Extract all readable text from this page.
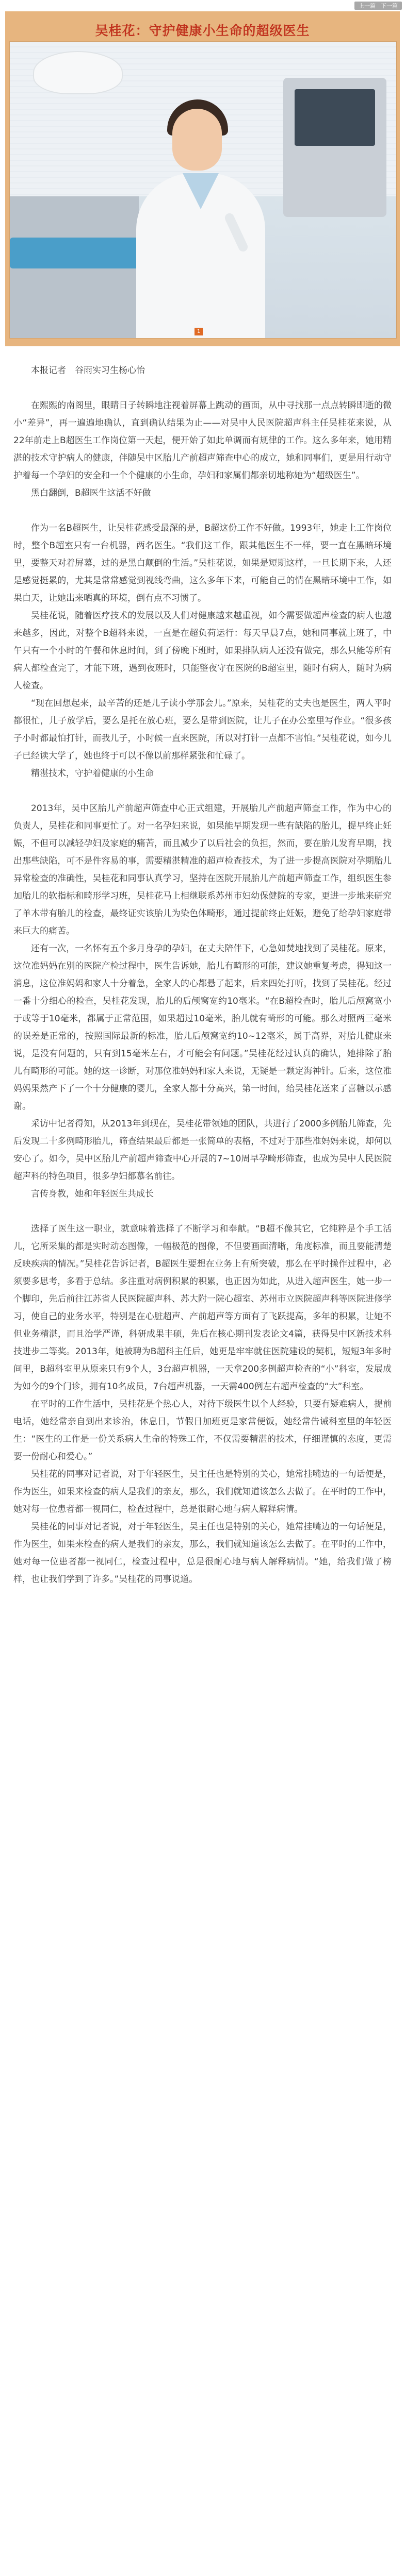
上一篇 下一篇
吴桂花：守护健康小生命的超级医生
1

本报记者　谷雨实习生杨心怡

在熙熙的南阁里，眼睛日子转瞬地注视着屏幕上跳动的画面，从中寻找那一点点转瞬即逝的微小“差异”，再一遍遍地确认，直到确认结果为止——对吴中人民医院超声科主任吴桂花来说，从22年前走上B超医生工作岗位第一天起，便开始了如此单调而有规律的工作。这么多年来，她用精湛的技术守护病人的健康，伴随吴中区胎儿产前超声筛查中心的成立，她和同事们，更是用行动守护着每一个孕妇的安全和一个个健康的小生命，孕妇和家属们都亲切地称她为“超级医生”。

黑白翻倒，B超医生这活不好做

作为一名B超医生，让吴桂花感受最深的是，B超这份工作不好做。1993年，她走上工作岗位时，整个B超室只有一台机器，两名医生。“我们这工作，跟其他医生不一样，要一直在黑暗环境里，要整天对着屏幕，过的是黑白颠倒的生活。”吴桂花说，如果是短期这样，一旦长期下来，人还是感觉挺累的，尤其是常常感觉到视线弯曲，这么多年下来，可能自己的情在黑暗环境中工作，如果白天，让她出来晒真的环境，倒有点不习惯了。

吴桂花说，随着医疗技术的发展以及人们对健康越来越重视，如今需要做超声检查的病人也越来越多，因此，对整个B超科来说，一直是在超负荷运行：每天早晨7点，她和同事就上班了，中午只有一个小时的午餐和休息时间，到了傍晚下班时，如果排队病人还没有做完，那么只能等所有病人都检查完了，才能下班，遇到夜班时，只能整夜守在医院的B超室里，随时有病人，随时为病人检查。

“现在回想起来，最辛苦的还是儿子读小学那会儿。”原来，吴桂花的丈夫也是医生，两人平时都很忙，儿子放学后，要么是托在放心班，要么是带到医院，让儿子在办公室里写作业。“很多孩子小时都最怕打针，而我儿子，小时候一直来医院，所以对打针一点都不害怕。”吴桂花说，如今儿子已经读大学了，她也终于可以不像以前那样紧张和忙碌了。

精湛技术，守护着健康的小生命

2013年，吴中区胎儿产前超声筛查中心正式组建，开展胎儿产前超声筛查工作，作为中心的负责人，吴桂花和同事更忙了。对一名孕妇来说，如果能早期发现一些有缺陷的胎儿，提早终止妊娠，不但可以减轻孕妇及家庭的痛苦，而且减少了以后社会的负担，然而，要在胎儿发育早期，找出那些缺陷，可不是件容易的事，需要精湛精准的超声检查技术，为了进一步提高医院对孕期胎儿异常检查的准确性，吴桂花和同事认真学习，坚持在医院开展胎儿产前超声筛查工作，组织医生参加胎儿的软指标和畸形学习班，吴桂花马上相继联系苏州市妇幼保健院的专家，更进一步地来研究了单木带有胎儿的检查，最终证实该胎儿为染色体畸形，通过提前终止妊娠，避免了给孕妇家庭带来巨大的痛苦。

还有一次，一名怀有五个多月身孕的孕妇，在丈夫陪伴下，心急如焚地找到了吴桂花。原来，这位准妈妈在别的医院产检过程中，医生告诉她，胎儿有畸形的可能，建议她重复考虑，得知这一消息，这位准妈妈和家人十分着急，全家人的心都悬了起来，后来四处打听，找到了吴桂花。经过一番十分细心的检查，吴桂花发现，胎儿的后颅窝宽约10毫米。“在B超检查时，胎儿后颅窝宽小于或等于10毫米，都属于正常范围，如果超过10毫米，胎儿就有畸形的可能。那么对照两三毫米的误差是正常的，按照国际最新的标准，胎儿后颅窝宽约10~12毫米，属于高界，对胎儿健康来说，是没有问题的，只有到15毫米左右，才可能会有问题。”吴桂花经过认真的确认，她排除了胎儿有畸形的可能。她的这一诊断，对那位准妈妈和家人来说，无疑是一颗定海神针。后来，这位准妈妈果然产下了一个十分健康的婴儿，全家人都十分高兴，第一时间，给吴桂花送来了喜糖以示感谢。

采访中记者得知，从2013年到现在，吴桂花带领她的团队，共进行了2000多例胎儿筛查，先后发现二十多例畸形胎儿，筛查结果最后都是一张简单的表格，不过对于那些准妈妈来说，却何以安心了。如今，吴中区胎儿产前超声筛查中心开展的7~10周早孕畸形筛查，也成为吴中人民医院超声科的特色项目，很多孕妇都慕名前往。

言传身教，她和年轻医生共成长

选择了医生这一职业，就意味着选择了不断学习和奉献。“B超不像其它，它纯粹是个手工活儿，它所采集的都是实时动态图像，一幅极范的图像，不但要画面清晰，角度标准，而且要能清楚反映疾病的情况。”吴桂花告诉记者，B超医生要想在业务上有所突破，那么在平时操作过程中，必须要多思考，多看于总结。多注重对病例积累的积累，也正因为如此，从进入超声医生，她一步一个脚印，先后前往江苏省人民医院超声科、苏大附一院心超室、苏州市立医院超声科等医院进修学习，使自己的业务水平，特别是在心脏超声、产前超声等方面有了飞跃提高，多年的积累，让她不但业务精湛，而且治学严谨，科研成果丰硕，先后在核心期刊发表论文4篇，获得吴中区新技术科技进步二等奖。2013年，她被聘为B超科主任后，她更是牢牢就住医院建设的契机，短短3年多时间里，B超科室里从原来只有9个人，3台超声机器，一天拿200多例超声检查的“小”科室，发展成为如今的9个门诊，拥有10名成员，7台超声机器，一天需400例左右超声检查的“大”科室。

在平时的工作生活中，吴桂花是个热心人，对待下级医生以个人经验，只要有疑难病人，提前电话，她经常亲自到出来诊治，休息日，节假日加班更是家常便饭，她经常告诫科室里的年轻医生：“医生的工作是一份关系病人生命的特殊工作，不仅需要精湛的技术，仔细谨慎的态度，更需要一份耐心和爱心。”

吴桂花的同事对记者说，对于年轻医生，吴主任也是特别的关心，她常挂嘴边的一句话便是，作为医生，如果来检查的病人是我们的亲友，那么，我们就知道该怎么去做了。在平时的工作中，她对每一位患者都一视同仁，检查过程中，总是很耐心地与病人解释病情。

吴桂花的同事对记者说，对于年轻医生，吴主任也是特别的关心，她常挂嘴边的一句话便是，作为医生，如果来检查的病人是我们的亲友，那么，我们就知道该怎么去做了。在平时的工作中，她对每一位患者都一视同仁，检查过程中，总是很耐心地与病人解释病情。“她，给我们做了榜样，也让我们学到了许多。”吴桂花的同事说道。
